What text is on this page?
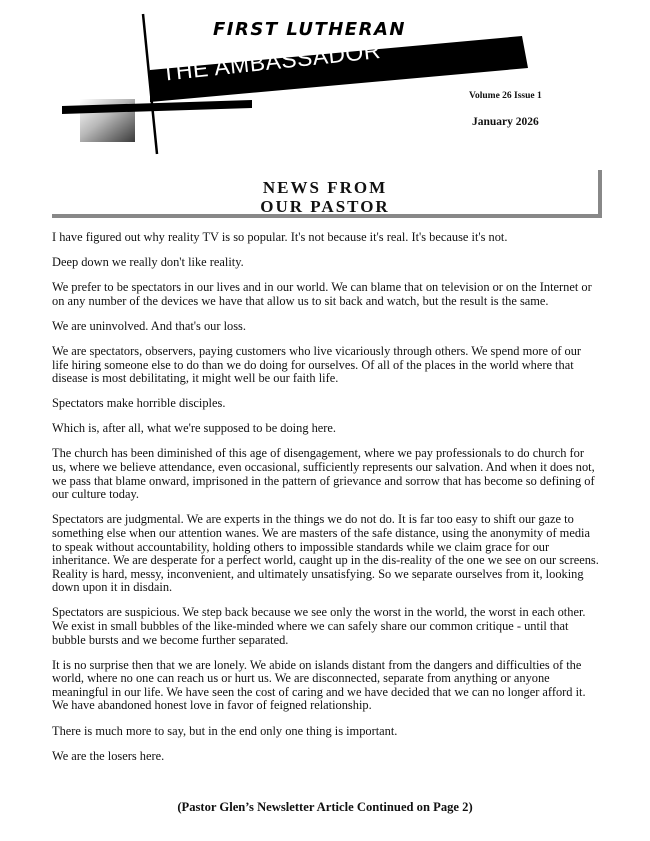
FIRST LUTHERAN
THE AMBASSADOR
Volume 26 Issue 1
January 2026
NEWS FROM
OUR PASTOR

I have figured out why reality TV is so popular. It's not because it's real. It's because it's not.

Deep down we really don't like reality.

We prefer to be spectators in our lives and in our world. We can blame that on television or on the Internet or on any number of the devices we have that allow us to sit back and watch, but the result is the same.

We are uninvolved. And that's our loss.

We are spectators, observers, paying customers who live vicariously through others. We spend more of our life hiring someone else to do than we do doing for ourselves. Of all of the places in the world where that disease is most debilitating, it might well be our faith life.

Spectators make horrible disciples.

Which is, after all, what we're supposed to be doing here.

The church has been diminished of this age of disengagement, where we pay professionals to do church for us, where we believe attendance, even occasional, sufficiently represents our salvation. And when it does not, we pass that blame onward, imprisoned in the pattern of grievance and sorrow that has become so defining of our culture today.

Spectators are judgmental. We are experts in the things we do not do. It is far too easy to shift our gaze to something else when our attention wanes. We are masters of the safe distance, using the anonymity of media to speak without accountability, holding others to impossible standards while we claim grace for our inheritance. We are desperate for a perfect world, caught up in the dis-reality of the one we see on our screens. Reality is hard, messy, inconvenient, and ultimately unsatisfying. So we separate ourselves from it, looking down upon it in disdain.

Spectators are suspicious. We step back because we see only the worst in the world, the worst in each other. We exist in small bubbles of the like-minded where we can safely share our common critique - until that bubble bursts and we become further separated.

It is no surprise then that we are lonely. We abide on islands distant from the dangers and difficulties of the world, where no one can reach us or hurt us. We are disconnected, separate from anything or anyone meaningful in our life. We have seen the cost of caring and we have decided that we can no longer afford it. We have abandoned honest love in favor of feigned relationship.

There is much more to say, but in the end only one thing is important.

We are the losers here.

(Pastor Glen’s Newsletter Article Continued on Page 2)
